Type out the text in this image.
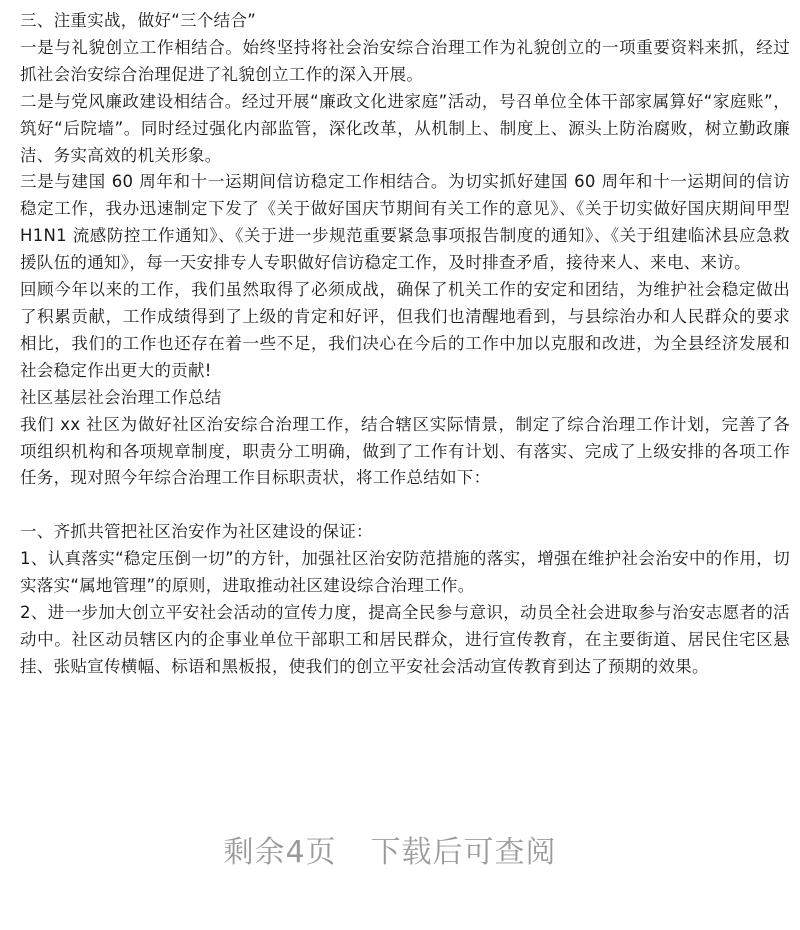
三、注重实战，做好“三个结合”

一是与礼貌创立工作相结合。始终坚持将社会治安综合治理工作为礼貌创立的一项重要资料来抓，经过抓社会治安综合治理促进了礼貌创立工作的深入开展。

二是与党风廉政建设相结合。经过开展“廉政文化进家庭”活动，号召单位全体干部家属算好“家庭账”，筑好“后院墙”。同时经过强化内部监管，深化改革，从机制上、制度上、源头上防治腐败，树立勤政廉洁、务实高效的机关形象。

三是与建国 60 周年和十一运期间信访稳定工作相结合。为切实抓好建国 60 周年和十一运期间的信访稳定工作，我办迅速制定下发了《关于做好国庆节期间有关工作的意见》、《关于切实做好国庆期间甲型 H1N1 流感防控工作通知》、《关于进一步规范重要紧急事项报告制度的通知》、《关于组建临沭县应急救援队伍的通知》，每一天安排专人专职做好信访稳定工作，及时排查矛盾，接待来人、来电、来访。

回顾今年以来的工作，我们虽然取得了必须成战，确保了机关工作的安定和团结，为维护社会稳定做出了积累贡献，工作成绩得到了上级的肯定和好评，但我们也清醒地看到，与县综治办和人民群众的要求相比，我们的工作也还存在着一些不足，我们决心在今后的工作中加以克服和改进，为全县经济发展和社会稳定作出更大的贡献!

社区基层社会治理工作总结

我们 xx 社区为做好社区治安综合治理工作，结合辖区实际情景，制定了综合治理工作计划，完善了各项组织机构和各项规章制度，职责分工明确，做到了工作有计划、有落实、完成了上级安排的各项工作任务，现对照今年综合治理工作目标职责状，将工作总结如下：

一、齐抓共管把社区治安作为社区建设的保证：

1、认真落实“稳定压倒一切”的方针，加强社区治安防范措施的落实，增强在维护社会治安中的作用，切实落实“属地管理”的原则，进取推动社区建设综合治理工作。

2、进一步加大创立平安社会活动的宣传力度，提高全民参与意识，动员全社会进取参与治安志愿者的活动中。社区动员辖区内的企事业单位干部职工和居民群众，进行宣传教育，在主要街道、居民住宅区悬挂、张贴宣传横幅、标语和黑板报，使我们的创立平安社会活动宣传教育到达了预期的效果。

剩余4页 下载后可查阅
